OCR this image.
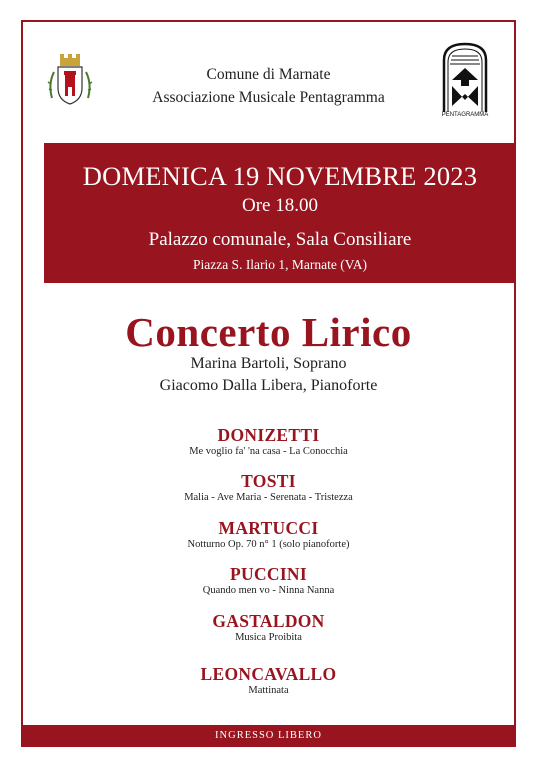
PENTAGRAMMA
Comune di Marnate
Associazione Musicale Pentagramma
DOMENICA 19 NOVEMBRE 2023
Ore 18.00
Palazzo comunale, Sala Consiliare
Piazza S. Ilario 1, Marnate (VA)
Concerto Lirico
Marina Bartoli, Soprano
Giacomo Dalla Libera, Pianoforte
DONIZETTI
Me voglio fa' 'na casa - La Conocchia
TOSTI
Malia - Ave Maria - Serenata - Tristezza
MARTUCCI
Notturno Op. 70 n° 1 (solo pianoforte)
PUCCINI
Quando men vo - Ninna Nanna
GASTALDON
Musica Proibita
LEONCAVALLO
Mattinata
INGRESSO LIBERO
